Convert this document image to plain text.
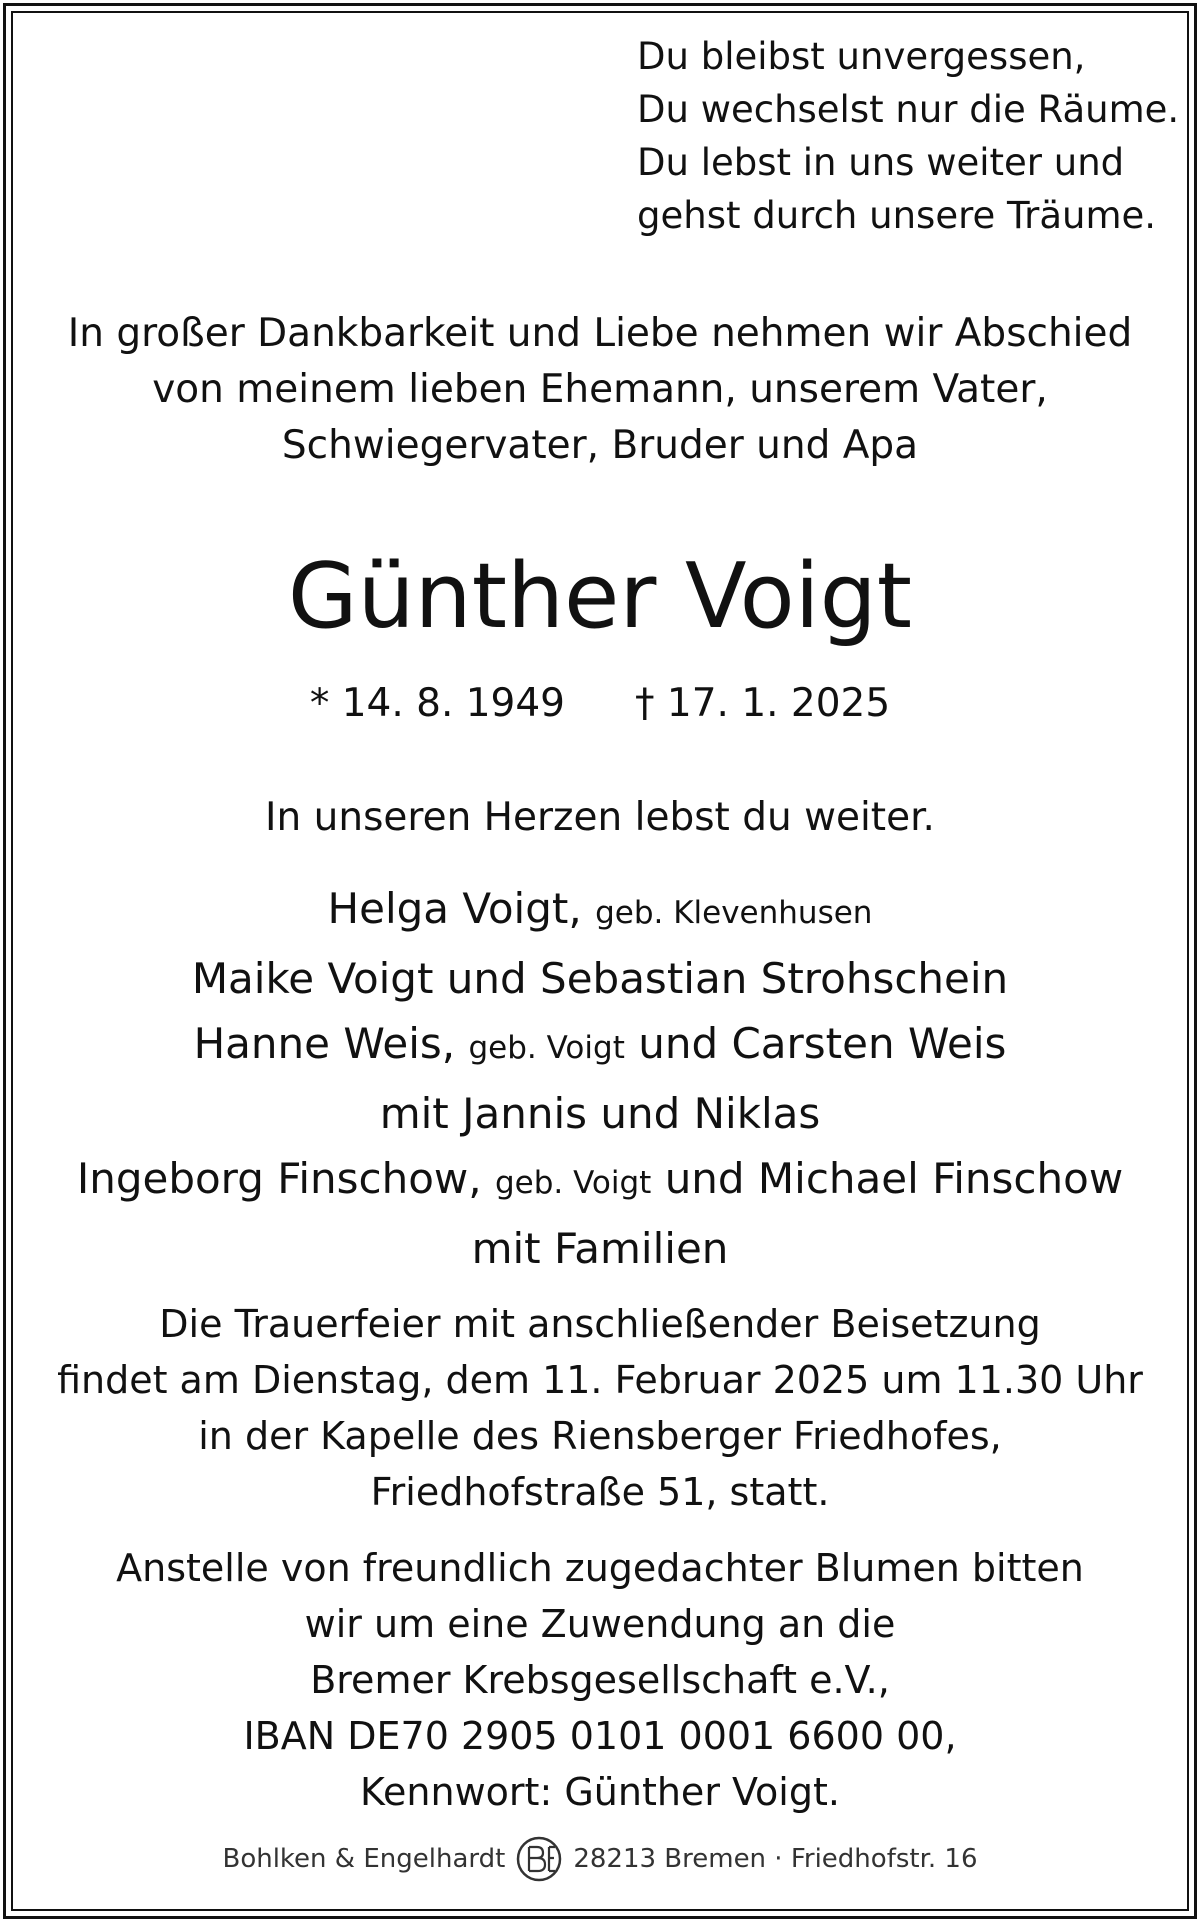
Du bleibst unvergessen,
Du wechselst nur die Räume.
Du lebst in uns weiter und
gehst durch unsere Träume.
In großer Dankbarkeit und Liebe nehmen wir Abschied
von meinem lieben Ehemann, unserem Vater,
Schwiegervater, Bruder und Apa
Günther Voigt
* 14. 8. 1949 † 17. 1. 2025
In unseren Herzen lebst du weiter.
Helga Voigt, geb. Klevenhusen
Maike Voigt und Sebastian Strohschein
Hanne Weis, geb. Voigt und Carsten Weis
mit Jannis und Niklas
Ingeborg Finschow, geb. Voigt und Michael Finschow
mit Familien
Die Trauerfeier mit anschließender Beisetzung
findet am Dienstag, dem 11. Februar 2025 um 11.30 Uhr
in der Kapelle des Riensberger Friedhofes,
Friedhofstraße 51, statt.
Anstelle von freundlich zugedachter Blumen bitten
wir um eine Zuwendung an die
Bremer Krebsgesellschaft e.V.,
IBAN DE70 2905 0101 0001 6600 00,
Kennwort: Günther Voigt.
Bohlken & Engelhardt	28213 Bremen · Friedhofstr. 16
